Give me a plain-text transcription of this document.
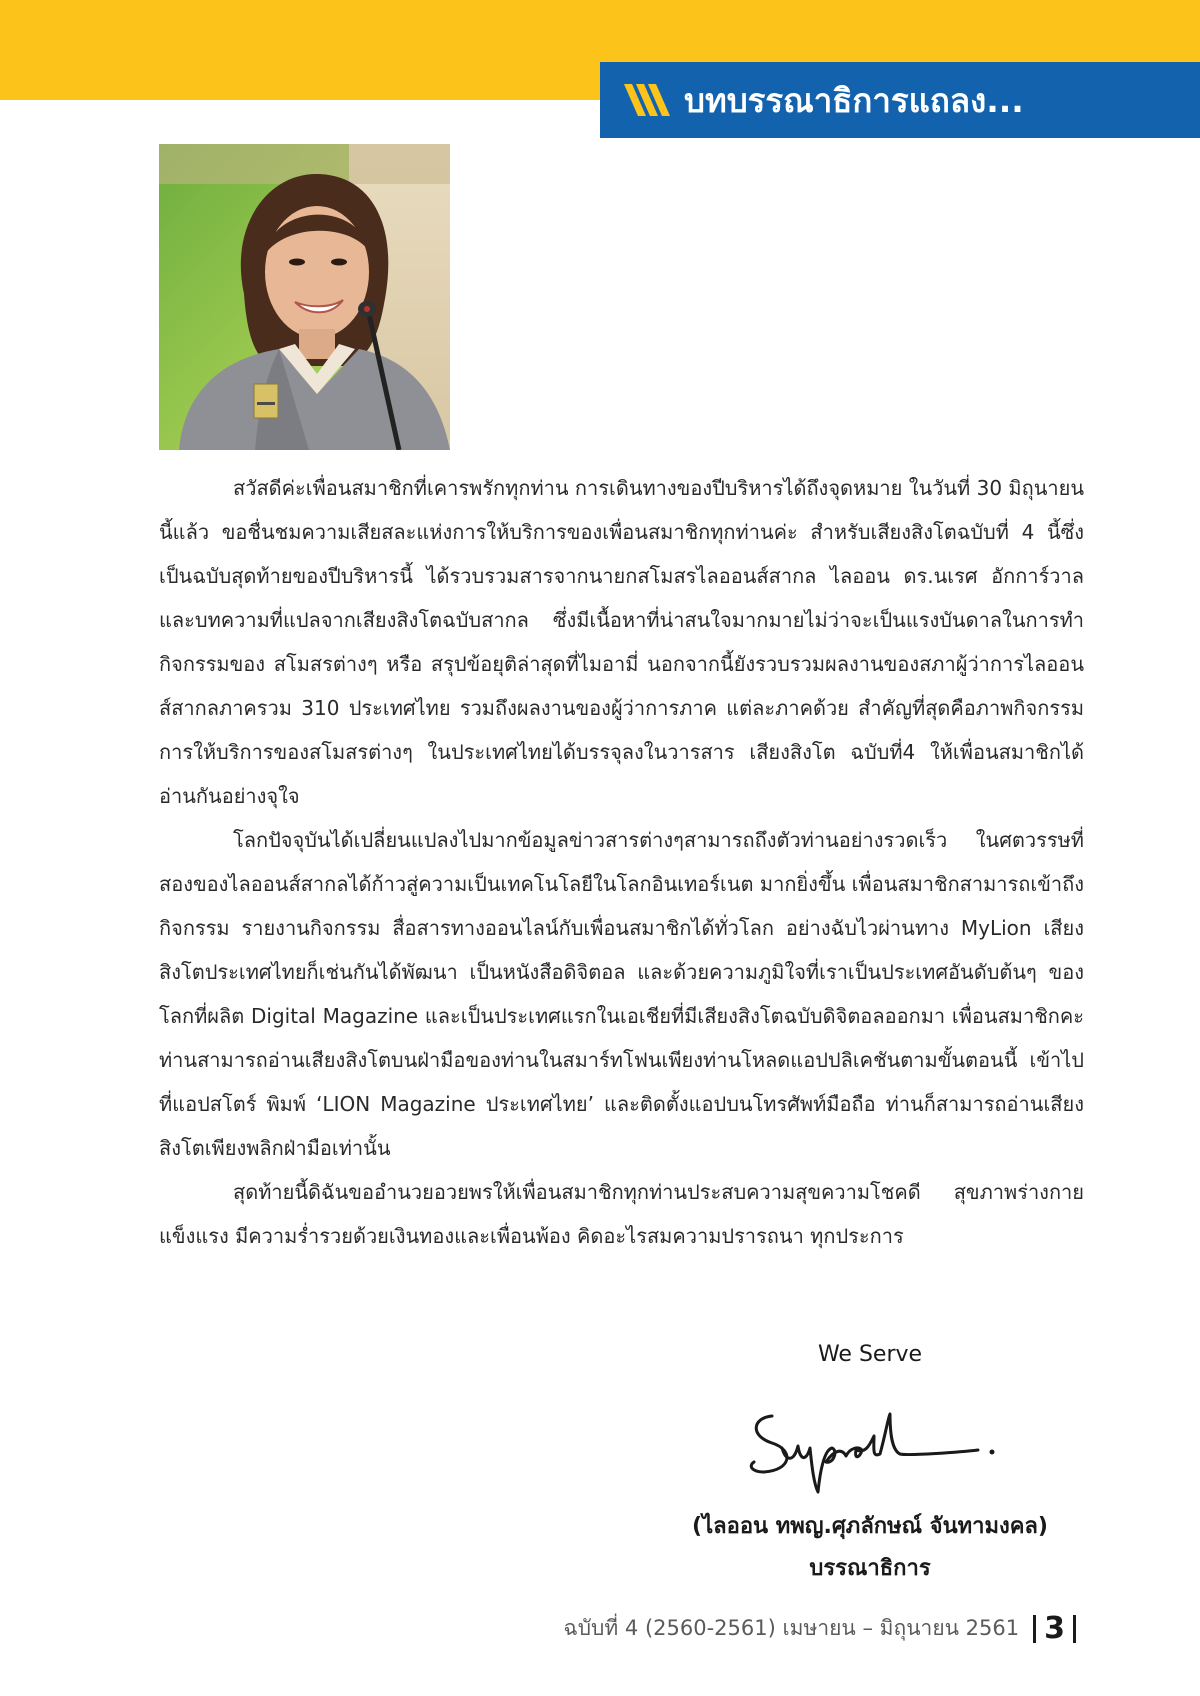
บทบรรณาธิการแถลง...

สวัสดีค่ะเพื่อนสมาชิกที่เคารพรักทุกท่าน การเดินทางของปีบริหารได้ถึงจุดหมาย ในวันที่ 30 มิถุนายนนี้แล้ว ขอชื่นชมความเสียสละแห่งการให้บริการของเพื่อนสมาชิกทุกท่านค่ะ สำหรับเสียงสิงโตฉบับที่ 4 นี้ซึ่งเป็นฉบับสุดท้ายของปีบริหารนี้ ได้รวบรวมสารจากนายกสโมสรไลออนส์สากล ไลออน ดร.นเรศ อักการ์วาล และบทความที่แปลจากเสียงสิงโตฉบับสากล ซึ่งมีเนื้อหาที่น่าสนใจมากมายไม่ว่าจะเป็นแรงบันดาลในการทำกิจกรรมของ สโมสรต่างๆ หรือ สรุปข้อยุติล่าสุดที่ไมอามี่ นอกจากนี้ยังรวบรวมผลงานของสภาผู้ว่าการไลออนส์สากลภาครวม 310 ประเทศไทย รวมถึงผลงานของผู้ว่าการภาค แต่ละภาคด้วย สำคัญที่สุดคือภาพกิจกรรมการให้บริการของสโมสรต่างๆ ในประเทศไทยได้บรรจุลงในวารสาร เสียงสิงโต ฉบับที่4 ให้เพื่อนสมาชิกได้อ่านกันอย่างจุใจ

โลกปัจจุบันได้เปลี่ยนแปลงไปมากข้อมูลข่าวสารต่างๆสามารถถึงตัวท่านอย่างรวดเร็ว ในศตวรรษที่สองของไลออนส์สากลได้ก้าวสู่ความเป็นเทคโนโลยีในโลกอินเทอร์เนต มากยิ่งขึ้น เพื่อนสมาชิกสามารถเข้าถึงกิจกรรม รายงานกิจกรรม สื่อสารทางออนไลน์กับเพื่อนสมาชิกได้ทั่วโลก อย่างฉับไวผ่านทาง MyLion เสียงสิงโตประเทศไทยก็เช่นกันได้พัฒนา เป็นหนังสือดิจิตอล และด้วยความภูมิใจที่เราเป็นประเทศอันดับต้นๆ ของโลกที่ผลิต Digital Magazine และเป็นประเทศแรกในเอเชียที่มีเสียงสิงโตฉบับดิจิตอลออกมา เพื่อนสมาชิกคะ ท่านสามารถอ่านเสียงสิงโตบนฝ่ามือของท่านในสมาร์ทโฟนเพียงท่านโหลดแอปปลิเคชันตามขั้นตอนนี้ เข้าไปที่แอปสโตร์ พิมพ์ ‘LION Magazine ประเทศไทย’ และติดตั้งแอปบนโทรศัพท์มือถือ ท่านก็สามารถอ่านเสียงสิงโตเพียงพลิกฝ่ามือเท่านั้น

สุดท้ายนี้ดิฉันขออำนวยอวยพรให้เพื่อนสมาชิกทุกท่านประสบความสุขความโชคดี สุขภาพร่างกายแข็งแรง มีความร่ำรวยด้วยเงินทองและเพื่อนพ้อง คิดอะไรสมความปรารถนา ทุกประการ

We Serve
(ไลออน ทพญ.ศุภลักษณ์ จันทามงคล)
บรรณาธิการ
ฉบับที่ 4 (2560-2561) เมษายน – มิถุนายน 2561 3
